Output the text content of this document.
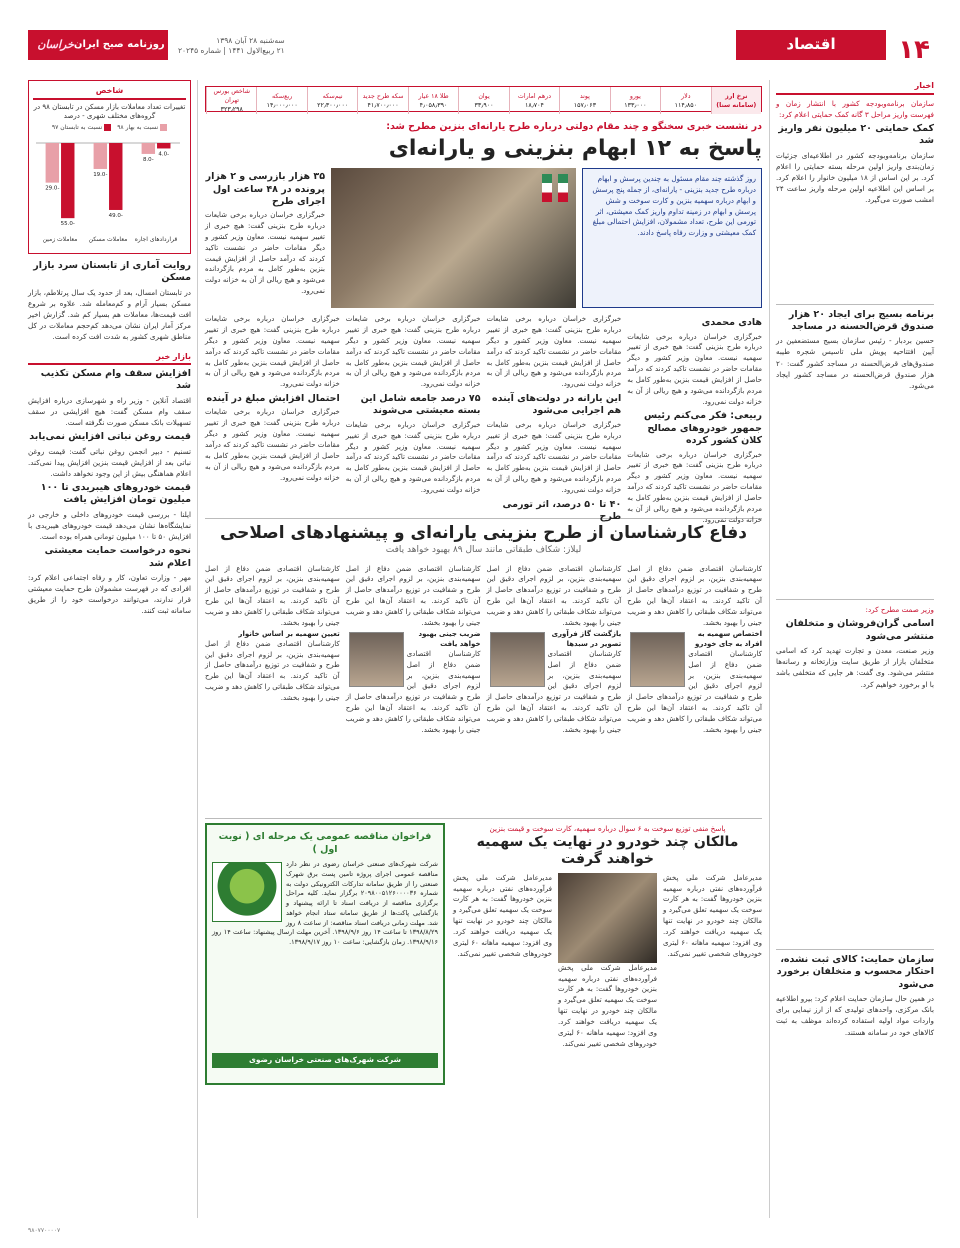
۱۴
اقتصاد
روزنامه صبح ایران
خراسان	سه‌شنبه ۲۸ آبان ۱۳۹۸
۲۱ ربیع‌الاول ۱۴۴۱ | شماره ۲۰۲۴۵
نرخ ارز
(سامانه سنا)
دلار
۱۱۴٫۸۵۰
یورو
۱۳۳٫۰۰۰
پوند
۱۵۷٫۰۶۳
درهم امارات
۱۸٫۷۰۴
یوان
۳۳٫۹۰۰
طلا ۱۸ عیار
۴٫۰۵۸٫۳۹۰
سکه طرح جدید
۴۱٫۷۰۰٫۰۰۰
نیم‌سکه
۲۲٫۳۰۰٫۰۰۰
ربع‌سکه
۱۴٫۰۰۰٫۰۰۰
شاخص بورس تهران
۳۲۳٫۲۹۸
اخبار
سازمان برنامه‌وبودجه کشور با انتشار زمان و فهرست واریز مراحل ۳ گانه کمک حمایتی اعلام کرد:
کمک حمایتی ۲۰ میلیون نفر واریز شد
سازمان برنامه‌وبودجه کشور در اطلاعیه‌ای جزئیات زمان‌بندی واریز اولین مرحله بسته حمایتی را اعلام کرد. بر این اساس از ۱۸ میلیون خانوار را اعلام کرد. بر اساس این اطلاعیه اولین مرحله واریز ساعت ۲۴ امشب صورت می‌گیرد.
برنامه بسیج برای ایجاد ۲۰ هزار صندوق قرض‌الحسنه در مساجد
حسین بردبار - رئیس سازمان بسیج مستضعفین در آیین افتتاحیه پویش ملی تاسیس شجره طیبه صندوق‌های قرض‌الحسنه در مساجد کشور گفت: ۲۰ هزار صندوق قرض‌الحسنه در مساجد کشور ایجاد می‌شود.
وزیر صمت مطرح کرد:
اسامی گران‌فروشان و متخلفان منتشر می‌شود
وزیر صنعت، معدن و تجارت تهدید کرد که اسامی متخلفان بازار از طریق سایت وزارتخانه و رسانه‌ها منتشر می‌شود. وی گفت: هر جایی که متخلفی باشد با او برخورد خواهیم کرد.
سازمان حمایت: کالای ثبت نشده، احتکار محسوب و متخلفان برخورد می‌شود
در همین حال سازمان حمایت اعلام کرد: بیرو اطلاعیه بانک مرکزی، واحدهای تولیدی که از ارز نیمایی برای واردات مواد اولیه استفاده کرده‌اند موظف به ثبت کالاهای خود در سامانه هستند.
شاخص
تغییرات تعداد معاملات بازار مسکن در تابستان ۹۸ در گروه‌های مختلف شهری - درصد
نسبت به بهار ۹۸
نسبت به تابستان ۹۷
-8.0
-4.0
قراردادهای اجاره
-19.0
-49.0
معاملات مسکن
-29.0
-55.0
معاملات زمین
روایت آماری از تابستان سرد بازار مسکن
در تابستان امسال، بعد از حدود یک سال پرتلاطم، بازار مسکن بسیار آرام و کم‌معامله شد. علاوه بر شروع افت قیمت‌ها، معاملات هم بسیار کم شد. گزارش اخیر مرکز آمار ایران نشان می‌دهد کم‌حجم معاملات در کل مناطق شهری کشور به شدت افت کرده است.
بازار خبر
افزایش سقف وام مسکن تکذیب شد
اقتصاد آنلاین - وزیر راه و شهرسازی درباره افزایش سقف وام مسکن گفت: هیچ افزایشی در سقف تسهیلات بانک مسکن صورت نگرفته است.
قیمت روغن نباتی افزایش نمی‌یابد
تسنیم - دبیر انجمن روغن نباتی گفت: قیمت روغن نباتی بعد از افزایش قیمت بنزین افزایش پیدا نمی‌کند. اعلام هماهنگی بیش از این وجود نخواهد داشت.
قیمت خودروهای هیبریدی تا ۱۰۰ میلیون تومان افزایش یافت
ایلنا - بررسی قیمت خودروهای داخلی و خارجی در نمایشگاه‌ها نشان می‌دهد قیمت خودروهای هیبریدی با افزایش ۵۰ تا ۱۰۰ میلیون تومانی همراه بوده است.
نحوه درخواست حمایت معیشتی اعلام شد
مهر - وزارت تعاون، کار و رفاه اجتماعی اعلام کرد: افرادی که در فهرست مشمولان طرح حمایت معیشتی قرار ندارند، می‌توانند درخواست خود را از طریق سامانه ثبت کنند.
در نشست خبری سخنگو و چند مقام دولتی درباره طرح یارانه‌ای بنزین مطرح شد:
پاسخ به ۱۲ ابهام بنزینی و یارانه‌ای
روز گذشته چند مقام مسئول به چندین پرسش و ابهام درباره طرح جدید بنزینی - یارانه‌ای، از جمله پنج پرسش و ابهام درباره سهمیه بنزین و کارت سوخت و شش پرسش و ابهام در زمینه تداوم واریز کمک معیشتی، اثر تورمی این طرح، تعداد مشمولان، افزایش احتمالی مبلغ کمک معیشتی و وزارت رفاه پاسخ دادند.
۳۵ هزار بازرسی و ۲ هزار پرونده در ۴۸ ساعت اول اجرای طرح
خبرگزاری خراسان درباره برخی شایعات درباره طرح بنزینی گفت: هیچ خبری از تغییر سهمیه نیست. معاون وزیر کشور و دیگر مقامات حاضر در نشست تاکید کردند که درآمد حاصل از افزایش قیمت بنزین به‌طور کامل به مردم بازگردانده می‌شود و هیچ ریالی از آن به خزانه دولت نمی‌رود.
هادی محمدی
خبرگزاری خراسان درباره برخی شایعات درباره طرح بنزینی گفت: هیچ خبری از تغییر سهمیه نیست. معاون وزیر کشور و دیگر مقامات حاضر در نشست تاکید کردند که درآمد حاصل از افزایش قیمت بنزین به‌طور کامل به مردم بازگردانده می‌شود و هیچ ریالی از آن به خزانه دولت نمی‌رود.
ربیعی: فکر می‌کنم رئیس جمهور خودروهای مصالح کلان کشور کرده
خبرگزاری خراسان درباره برخی شایعات درباره طرح بنزینی گفت: هیچ خبری از تغییر سهمیه نیست. معاون وزیر کشور و دیگر مقامات حاضر در نشست تاکید کردند که درآمد حاصل از افزایش قیمت بنزین به‌طور کامل به مردم بازگردانده می‌شود و هیچ ریالی از آن به خزانه دولت نمی‌رود.
خبرگزاری خراسان درباره برخی شایعات درباره طرح بنزینی گفت: هیچ خبری از تغییر سهمیه نیست. معاون وزیر کشور و دیگر مقامات حاضر در نشست تاکید کردند که درآمد حاصل از افزایش قیمت بنزین به‌طور کامل به مردم بازگردانده می‌شود و هیچ ریالی از آن به خزانه دولت نمی‌رود.
این یارانه در دولت‌های آینده هم اجرایی می‌شود
خبرگزاری خراسان درباره برخی شایعات درباره طرح بنزینی گفت: هیچ خبری از تغییر سهمیه نیست. معاون وزیر کشور و دیگر مقامات حاضر در نشست تاکید کردند که درآمد حاصل از افزایش قیمت بنزین به‌طور کامل به مردم بازگردانده می‌شود و هیچ ریالی از آن به خزانه دولت نمی‌رود.
۴۰ تا ۵۰ درصد، اثر تورمی طرح
خبرگزاری خراسان درباره برخی شایعات درباره طرح بنزینی گفت: هیچ خبری از تغییر سهمیه نیست. معاون وزیر کشور و دیگر مقامات حاضر در نشست تاکید کردند که درآمد حاصل از افزایش قیمت بنزین به‌طور کامل به مردم بازگردانده می‌شود و هیچ ریالی از آن به خزانه دولت نمی‌رود.
۷۵ درصد جامعه شامل این بسته معیشتی می‌شوند
خبرگزاری خراسان درباره برخی شایعات درباره طرح بنزینی گفت: هیچ خبری از تغییر سهمیه نیست. معاون وزیر کشور و دیگر مقامات حاضر در نشست تاکید کردند که درآمد حاصل از افزایش قیمت بنزین به‌طور کامل به مردم بازگردانده می‌شود و هیچ ریالی از آن به خزانه دولت نمی‌رود.
خبرگزاری خراسان درباره برخی شایعات درباره طرح بنزینی گفت: هیچ خبری از تغییر سهمیه نیست. معاون وزیر کشور و دیگر مقامات حاضر در نشست تاکید کردند که درآمد حاصل از افزایش قیمت بنزین به‌طور کامل به مردم بازگردانده می‌شود و هیچ ریالی از آن به خزانه دولت نمی‌رود.
احتمال افزایش مبلغ در آینده
خبرگزاری خراسان درباره برخی شایعات درباره طرح بنزینی گفت: هیچ خبری از تغییر سهمیه نیست. معاون وزیر کشور و دیگر مقامات حاضر در نشست تاکید کردند که درآمد حاصل از افزایش قیمت بنزین به‌طور کامل به مردم بازگردانده می‌شود و هیچ ریالی از آن به خزانه دولت نمی‌رود.
دفاع کارشناسان از طرح بنزینی یارانه‌ای و پیشنهادهای اصلاحی
لیلاز: شکاف طبقاتی مانند سال ۸۹ بهبود خواهد یافت
کارشناسان اقتصادی ضمن دفاع از اصل سهمیه‌بندی بنزین، بر لزوم اجرای دقیق این طرح و شفافیت در توزیع درآمدهای حاصل از آن تاکید کردند. به اعتقاد آن‌ها این طرح می‌تواند شکاف طبقاتی را کاهش دهد و ضریب جینی را بهبود بخشد.
اختصاص سهمیه به افراد به جای خودرو
کارشناسان اقتصادی ضمن دفاع از اصل سهمیه‌بندی بنزین، بر لزوم اجرای دقیق این طرح و شفافیت در توزیع درآمدهای حاصل از آن تاکید کردند. به اعتقاد آن‌ها این طرح می‌تواند شکاف طبقاتی را کاهش دهد و ضریب جینی را بهبود بخشد.
کارشناسان اقتصادی ضمن دفاع از اصل سهمیه‌بندی بنزین، بر لزوم اجرای دقیق این طرح و شفافیت در توزیع درآمدهای حاصل از آن تاکید کردند. به اعتقاد آن‌ها این طرح می‌تواند شکاف طبقاتی را کاهش دهد و ضریب جینی را بهبود بخشد.
بازگشت گاز فرآوری تصویر در سبدها
کارشناسان اقتصادی ضمن دفاع از اصل سهمیه‌بندی بنزین، بر لزوم اجرای دقیق این طرح و شفافیت در توزیع درآمدهای حاصل از آن تاکید کردند. به اعتقاد آن‌ها این طرح می‌تواند شکاف طبقاتی را کاهش دهد و ضریب جینی را بهبود بخشد.
کارشناسان اقتصادی ضمن دفاع از اصل سهمیه‌بندی بنزین، بر لزوم اجرای دقیق این طرح و شفافیت در توزیع درآمدهای حاصل از آن تاکید کردند. به اعتقاد آن‌ها این طرح می‌تواند شکاف طبقاتی را کاهش دهد و ضریب جینی را بهبود بخشد.
ضریب جینی بهبود خواهد یافت
کارشناسان اقتصادی ضمن دفاع از اصل سهمیه‌بندی بنزین، بر لزوم اجرای دقیق این طرح و شفافیت در توزیع درآمدهای حاصل از آن تاکید کردند. به اعتقاد آن‌ها این طرح می‌تواند شکاف طبقاتی را کاهش دهد و ضریب جینی را بهبود بخشد.
کارشناسان اقتصادی ضمن دفاع از اصل سهمیه‌بندی بنزین، بر لزوم اجرای دقیق این طرح و شفافیت در توزیع درآمدهای حاصل از آن تاکید کردند. به اعتقاد آن‌ها این طرح می‌تواند شکاف طبقاتی را کاهش دهد و ضریب جینی را بهبود بخشد.
تعیین سهمیه بر اساس خانوار
کارشناسان اقتصادی ضمن دفاع از اصل سهمیه‌بندی بنزین، بر لزوم اجرای دقیق این طرح و شفافیت در توزیع درآمدهای حاصل از آن تاکید کردند. به اعتقاد آن‌ها این طرح می‌تواند شکاف طبقاتی را کاهش دهد و ضریب جینی را بهبود بخشد.
پاسخ منفی توزیع سوخت به ۶ سوال درباره سهمیه، کارت سوخت و قیمت بنزین
مالکان چند خودرو در نهایت یک سهمیه خواهند گرفت
مدیرعامل شرکت ملی پخش فرآورده‌های نفتی درباره سهمیه بنزین خودروها گفت: به هر کارت سوخت یک سهمیه تعلق می‌گیرد و مالکان چند خودرو در نهایت تنها یک سهمیه دریافت خواهند کرد. وی افزود: سهمیه ماهانه ۶۰ لیتری خودروهای شخصی تغییر نمی‌کند.
مدیرعامل شرکت ملی پخش فرآورده‌های نفتی درباره سهمیه بنزین خودروها گفت: به هر کارت سوخت یک سهمیه تعلق می‌گیرد و مالکان چند خودرو در نهایت تنها یک سهمیه دریافت خواهند کرد. وی افزود: سهمیه ماهانه ۶۰ لیتری خودروهای شخصی تغییر نمی‌کند.
مدیرعامل شرکت ملی پخش فرآورده‌های نفتی درباره سهمیه بنزین خودروها گفت: به هر کارت سوخت یک سهمیه تعلق می‌گیرد و مالکان چند خودرو در نهایت تنها یک سهمیه دریافت خواهند کرد. وی افزود: سهمیه ماهانه ۶۰ لیتری خودروهای شخصی تغییر نمی‌کند.
فراخوان مناقصه عمومی یک مرحله ای ( نوبت اول )
شرکت شهرک‌های صنعتی خراسان رضوی در نظر دارد مناقصه عمومی اجرای پروژه تامین پست برق شهرک صنعتی را از طریق سامانه تدارکات الکترونیکی دولت به شماره ۲۰۹۸۰۰۵۱۲۶۰۰۰۰۳۶ برگزار نماید. کلیه مراحل برگزاری مناقصه از دریافت اسناد تا ارائه پیشنهاد و بازگشایی پاکت‌ها از طریق سامانه ستاد انجام خواهد شد. مهلت زمانی دریافت اسناد مناقصه: از ساعت ۸ روز ۱۳۹۸/۸/۲۹ تا ساعت ۱۴ روز ۱۳۹۸/۹/۶. آخرین مهلت ارسال پیشنهاد: ساعت ۱۴ روز ۱۳۹۸/۹/۱۶. زمان بازگشایی: ساعت ۱۰ روز ۱۳۹۸/۹/۱۷.
شرکت شهرک‌های صنعتی خراسان رضوی
۹۸۰۷۷۰۰۰۰۷
